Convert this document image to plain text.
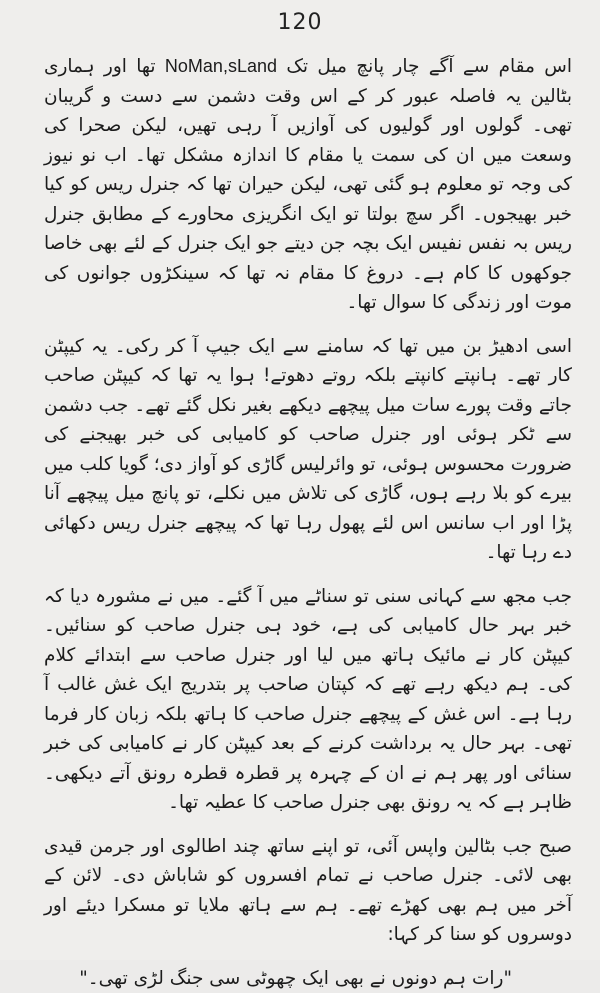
120

اس مقام سے آگے چار پانچ میل تک NoMan,sLand تھا اور ہماری بٹالین یہ فاصلہ عبور کر کے اس وقت دشمن سے دست و گریبان تھی۔ گولوں اور گولیوں کی آوازیں آ رہی تھیں، لیکن صحرا کی وسعت میں ان کی سمت یا مقام کا اندازہ مشکل تھا۔ اب نو نیوز کی وجہ تو معلوم ہو گئی تھی، لیکن حیران تھا کہ جنرل ریس کو کیا خبر بھیجوں۔ اگر سچ بولتا تو ایک انگریزی محاورے کے مطابق جنرل ریس بہ نفس نفیس ایک بچہ جن دیتے جو ایک جنرل کے لئے بھی خاصا جوکھوں کا کام ہے۔ دروغ کا مقام نہ تھا کہ سینکڑوں جوانوں کی موت اور زندگی کا سوال تھا۔

اسی ادھیڑ بن میں تھا کہ سامنے سے ایک جیپ آ کر رکی۔ یہ کیپٹن کار تھے۔ ہانپتے کانپتے بلکہ روتے دھوتے! ہوا یہ تھا کہ کیپٹن صاحب جاتے وقت پورے سات میل پیچھے دیکھے بغیر نکل گئے تھے۔ جب دشمن سے ٹکر ہوئی اور جنرل صاحب کو کامیابی کی خبر بھیجنے کی ضرورت محسوس ہوئی، تو وائرلیس گاڑی کو آواز دی؛ گویا کلب میں بیرے کو بلا رہے ہوں، گاڑی کی تلاش میں نکلے، تو پانچ میل پیچھے آنا پڑا اور اب سانس اس لئے پھول رہا تھا کہ پیچھے جنرل ریس دکھائی دے رہا تھا۔

جب مجھ سے کہانی سنی تو سناٹے میں آ گئے۔ میں نے مشورہ دیا کہ خبر بہر حال کامیابی کی ہے، خود ہی جنرل صاحب کو سنائیں۔ کیپٹن کار نے مائیک ہاتھ میں لیا اور جنرل صاحب سے ابتدائے کلام کی۔ ہم دیکھ رہے تھے کہ کپتان صاحب پر بتدریج ایک غش غالب آ رہا ہے۔ اس غش کے پیچھے جنرل صاحب کا ہاتھ بلکہ زبان کار فرما تھی۔ بہر حال یہ برداشت کرنے کے بعد کیپٹن کار نے کامیابی کی خبر سنائی اور پھر ہم نے ان کے چہرہ پر قطرہ قطرہ رونق آتے دیکھی۔ ظاہر ہے کہ یہ رونق بھی جنرل صاحب کا عطیہ تھا۔

صبح جب بٹالین واپس آئی، تو اپنے ساتھ چند اطالوی اور جرمن قیدی بھی لائی۔ جنرل صاحب نے تمام افسروں کو شاباش دی۔ لائن کے آخر میں ہم بھی کھڑے تھے۔ ہم سے ہاتھ ملایا تو مسکرا دیئے اور دوسروں کو سنا کر کہا:

"رات ہم دونوں نے بھی ایک چھوٹی سی جنگ لڑی تھی۔"
